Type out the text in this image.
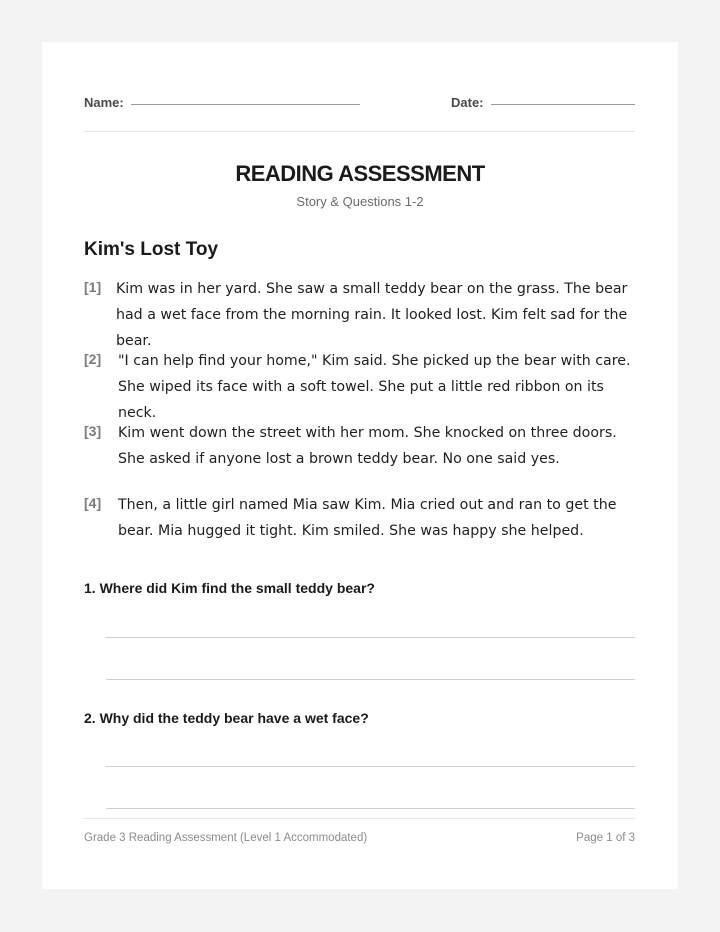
Name:	Date:
READING ASSESSMENT
Story & Questions 1-2
Kim's Lost Toy
[1] Kim was in her yard. She saw a small teddy bear on the grass. The bear had a wet face from the morning rain. It looked lost. Kim felt sad for the bear.
[2] "I can help find your home," Kim said. She picked up the bear with care. She wiped its face with a soft towel. She put a little red ribbon on its neck.
[3] Kim went down the street with her mom. She knocked on three doors. She asked if anyone lost a brown teddy bear. No one said yes.
[4] Then, a little girl named Mia saw Kim. Mia cried out and ran to get the bear. Mia hugged it tight. Kim smiled. She was happy she helped.
1. Where did Kim find the small teddy bear?
2. Why did the teddy bear have a wet face?
Grade 3 Reading Assessment (Level 1 Accommodated)	Page 1 of 3
